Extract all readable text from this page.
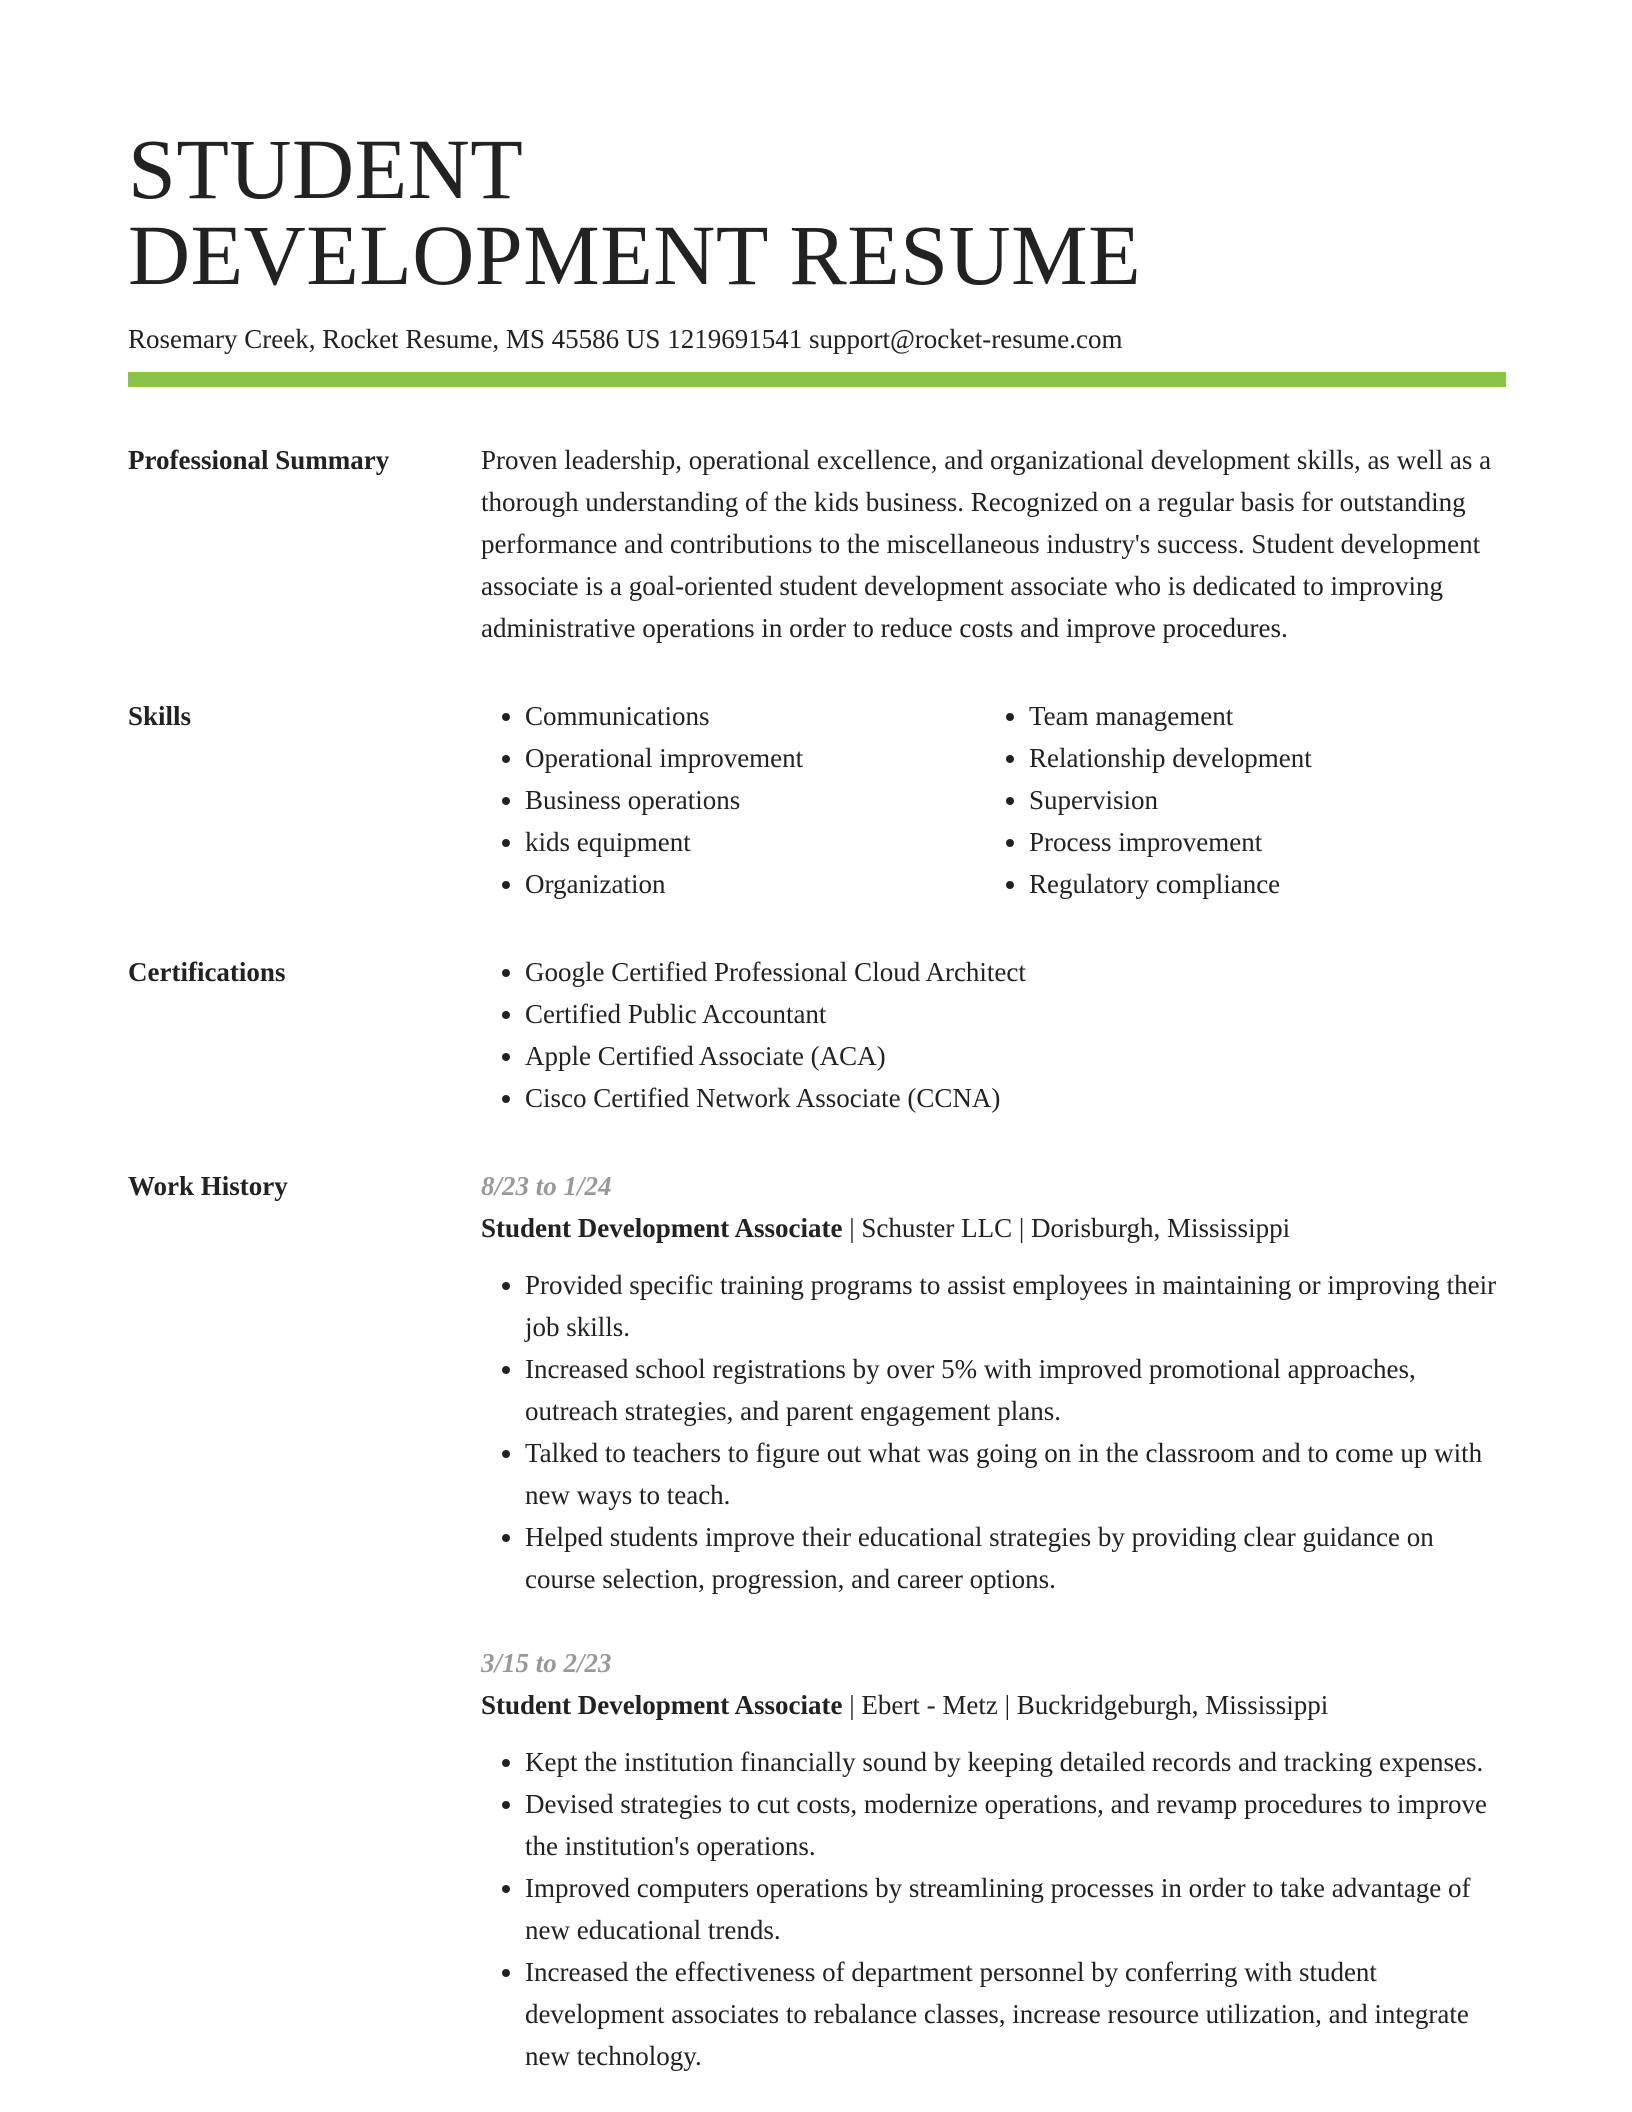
STUDENT
DEVELOPMENT RESUME
Rosemary Creek, Rocket Resume, MS 45586 US 1219691541 support@rocket-resume.com
Professional Summary	Proven leadership, operational excellence, and organizational development skills, as well as a thorough understanding of the kids business. Recognized on a regular basis for outstanding performance and contributions to the miscellaneous industry's success. Student development associate is a goal-oriented student development associate who is dedicated to improving administrative operations in order to reduce costs and improve procedures.

Skills	• Communications
• Operational improvement
• Business operations
• kids equipment
• Organization
• Team management
• Relationship development
• Supervision
• Process improvement
• Regulatory compliance
Certifications	• Google Certified Professional Cloud Architect
• Certified Public Accountant
• Apple Certified Associate (ACA)
• Cisco Certified Network Associate (CCNA)
Work History	8/23 to 1/24
Student Development Associate | Schuster LLC | Dorisburgh, Mississippi
• Provided specific training programs to assist employees in maintaining or improving their job skills.
• Increased school registrations by over 5% with improved promotional approaches, outreach strategies, and parent engagement plans.
• Talked to teachers to figure out what was going on in the classroom and to come up with new ways to teach.
• Helped students improve their educational strategies by providing clear guidance on course selection, progression, and career options.
3/15 to 2/23
Student Development Associate | Ebert - Metz | Buckridgeburgh, Mississippi
• Kept the institution financially sound by keeping detailed records and tracking expenses.
• Devised strategies to cut costs, modernize operations, and revamp procedures to improve the institution's operations.
• Improved computers operations by streamlining processes in order to take advantage of new educational trends.
• Increased the effectiveness of department personnel by conferring with student development associates to rebalance classes, increase resource utilization, and integrate new technology.
